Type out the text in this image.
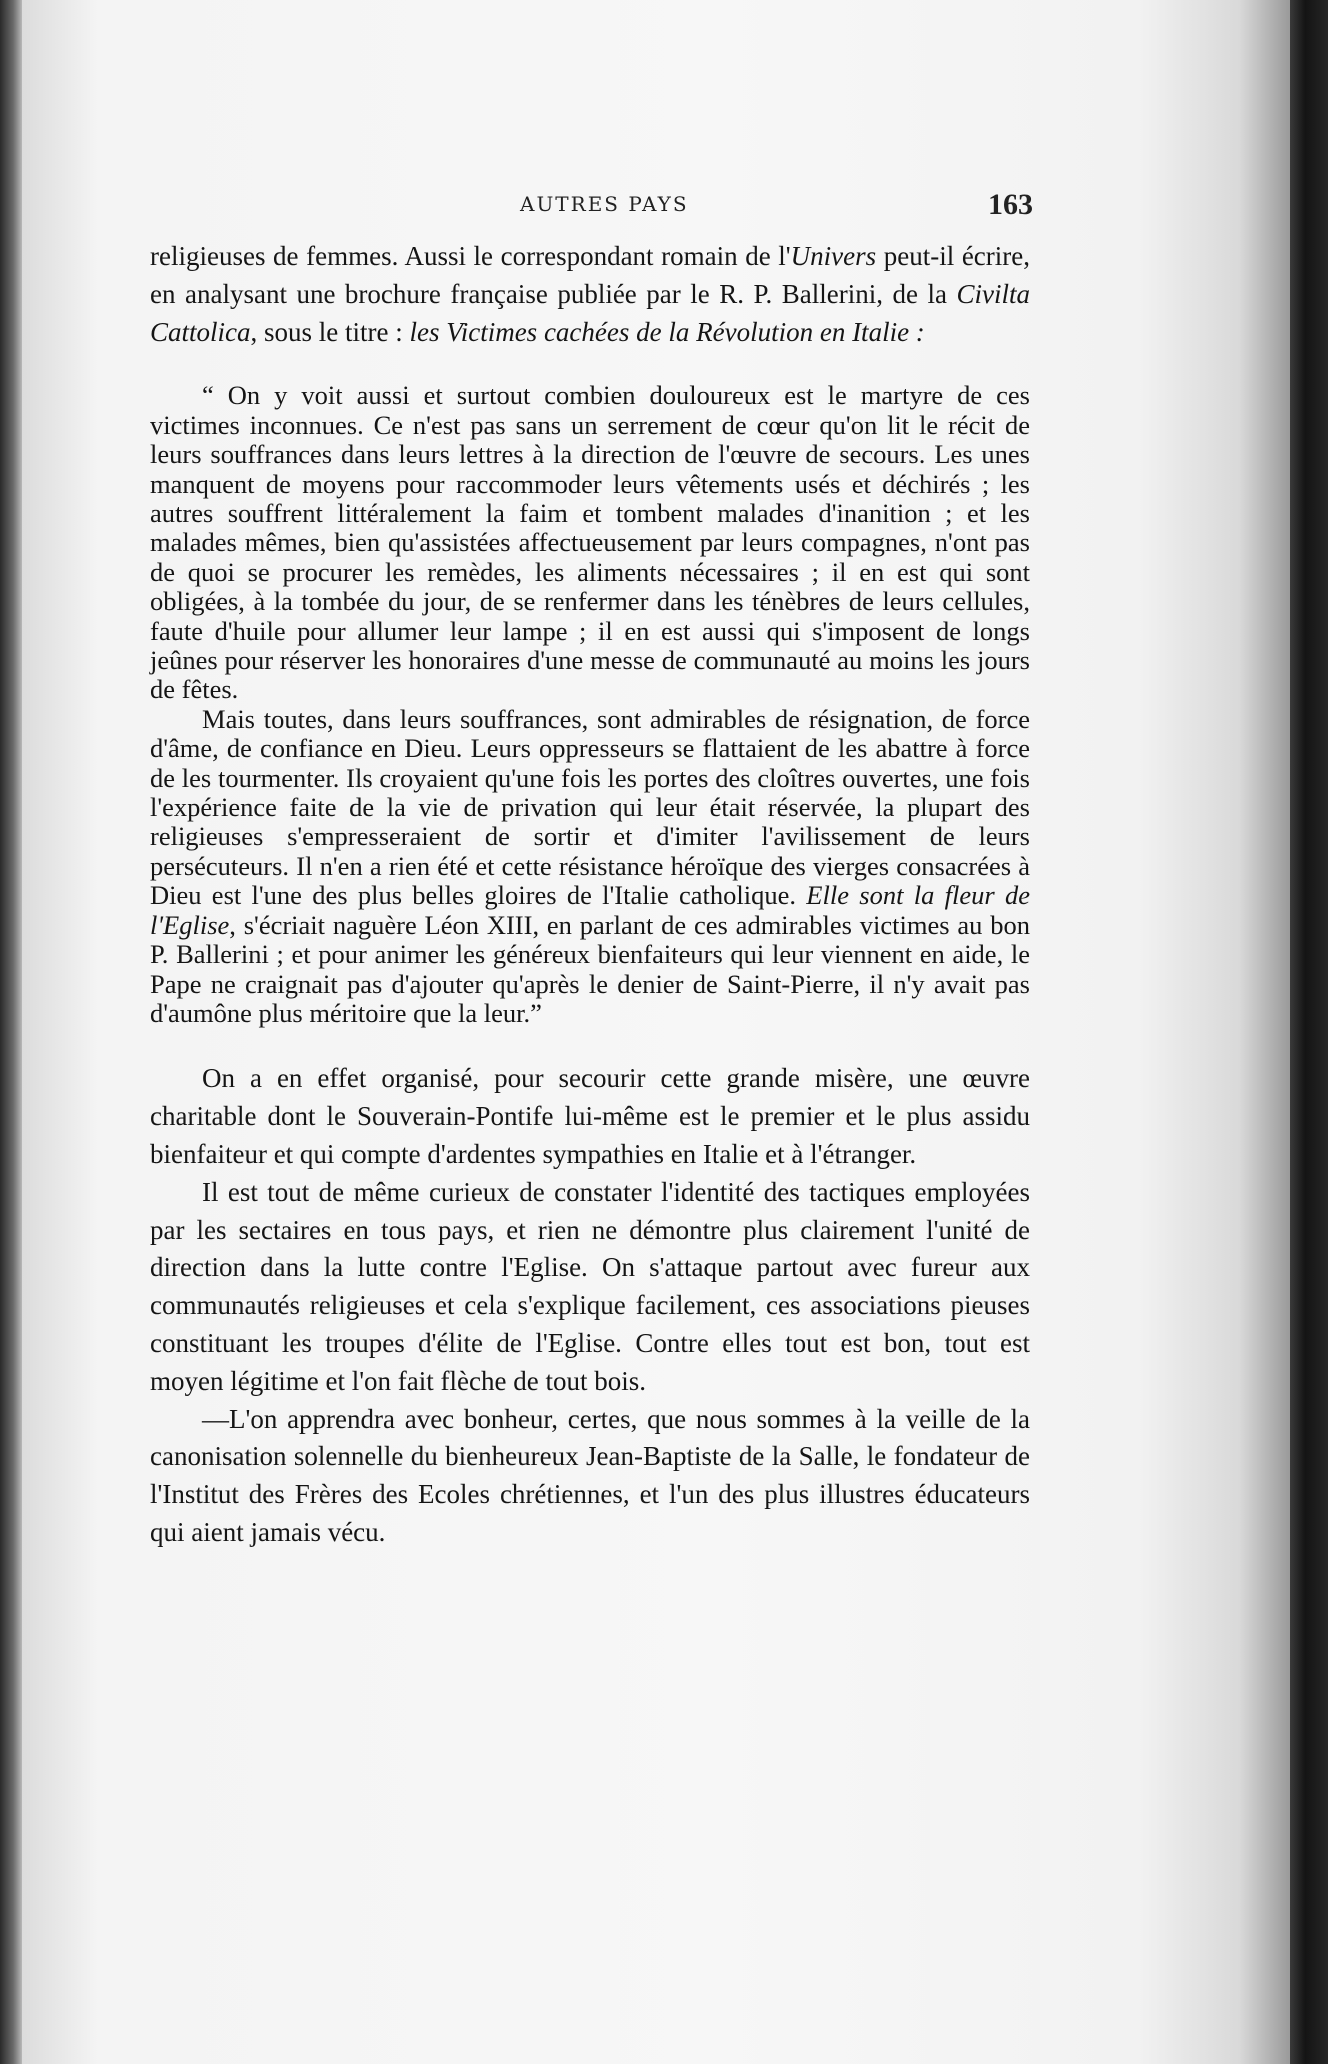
AUTRES PAYS	163

religieuses de femmes. Aussi le correspondant romain de l'Univers peut-il écrire, en analysant une brochure française publiée par le R. P. Ballerini, de la Civilta Cattolica, sous le titre : les Victimes cachées de la Révolution en Italie :

“ On y voit aussi et surtout combien douloureux est le martyre de ces victimes inconnues. Ce n'est pas sans un serrement de cœur qu'on lit le récit de leurs souffrances dans leurs lettres à la direction de l'œuvre de secours. Les unes manquent de moyens pour raccommoder leurs vêtements usés et déchirés ; les autres souffrent littéralement la faim et tombent malades d'inanition ; et les malades mêmes, bien qu'assistées affectueusement par leurs compagnes, n'ont pas de quoi se procurer les remèdes, les aliments nécessaires ; il en est qui sont obligées, à la tombée du jour, de se renfermer dans les ténèbres de leurs cellules, faute d'huile pour allumer leur lampe ; il en est aussi qui s'imposent de longs jeûnes pour réserver les honoraires d'une messe de communauté au moins les jours de fêtes.

Mais toutes, dans leurs souffrances, sont admirables de résignation, de force d'âme, de confiance en Dieu. Leurs oppresseurs se flattaient de les abattre à force de les tourmenter. Ils croyaient qu'une fois les portes des cloîtres ouvertes, une fois l'expérience faite de la vie de privation qui leur était réservée, la plupart des religieuses s'empresseraient de sortir et d'imiter l'avilissement de leurs persécuteurs. Il n'en a rien été et cette résistance héroïque des vierges consacrées à Dieu est l'une des plus belles gloires de l'Italie catholique. Elle sont la fleur de l'Eglise, s'écriait naguère Léon XIII, en parlant de ces admirables victimes au bon P. Ballerini ; et pour animer les généreux bienfaiteurs qui leur viennent en aide, le Pape ne craignait pas d'ajouter qu'après le denier de Saint-Pierre, il n'y avait pas d'aumône plus méritoire que la leur.”

On a en effet organisé, pour secourir cette grande misère, une œuvre charitable dont le Souverain-Pontife lui-même est le premier et le plus assidu bienfaiteur et qui compte d'ardentes sympathies en Italie et à l'étranger.

Il est tout de même curieux de constater l'identité des tactiques employées par les sectaires en tous pays, et rien ne démontre plus clairement l'unité de direction dans la lutte contre l'Eglise. On s'attaque partout avec fureur aux communautés religieuses et cela s'explique facilement, ces associations pieuses constituant les troupes d'élite de l'Eglise. Contre elles tout est bon, tout est moyen légitime et l'on fait flèche de tout bois.

—L'on apprendra avec bonheur, certes, que nous sommes à la veille de la canonisation solennelle du bienheureux Jean-Baptiste de la Salle, le fondateur de l'Institut des Frères des Ecoles chrétiennes, et l'un des plus illustres éducateurs qui aient jamais vécu.
